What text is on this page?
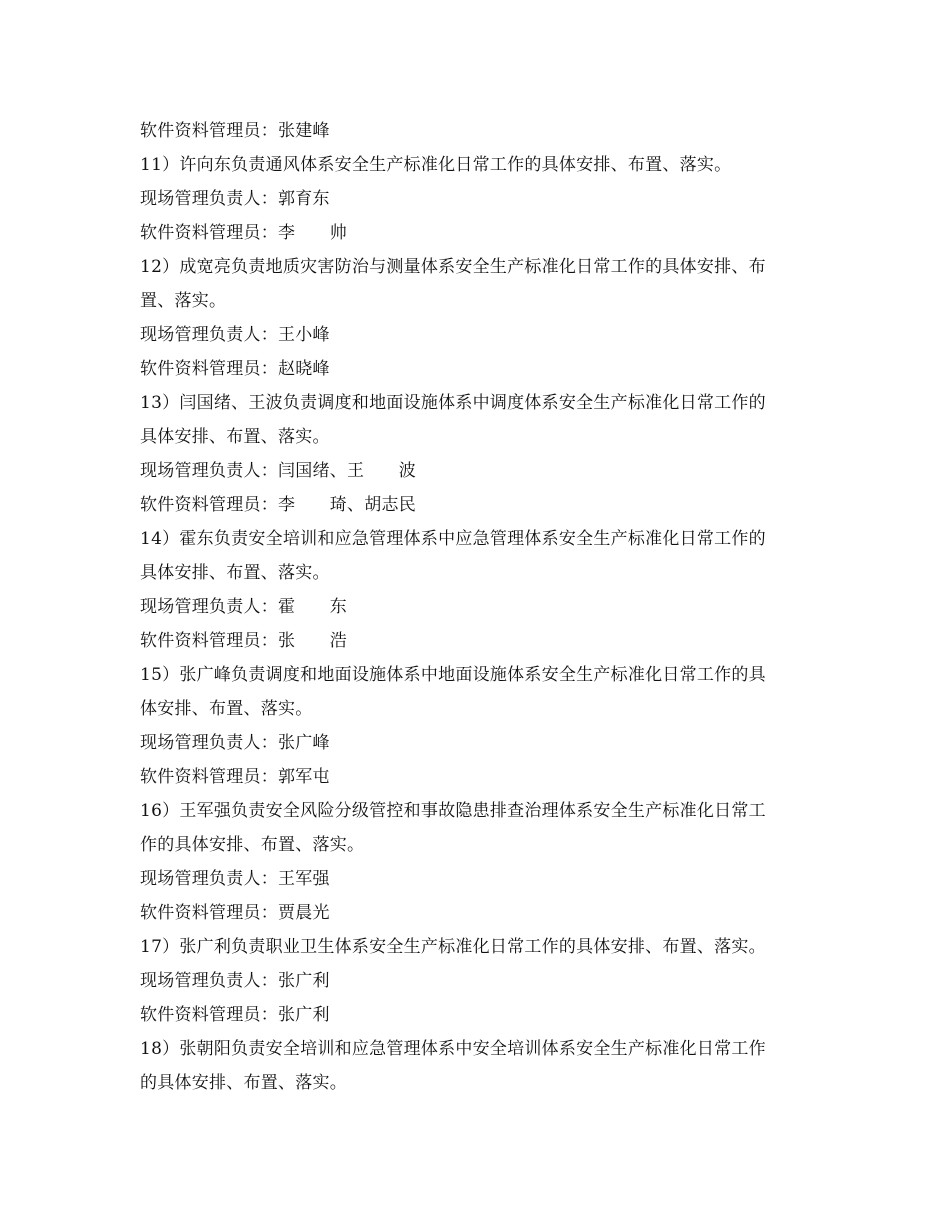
软件资料管理员：张建峰
11）许向东负责通风体系安全生产标准化日常工作的具体安排、布置、落实。
现场管理负责人：郭育东
软件资料管理员：李　　帅
12）成宽亮负责地质灾害防治与测量体系安全生产标准化日常工作的具体安排、布
置、落实。
现场管理负责人：王小峰
软件资料管理员：赵晓峰
13）闫国绪、王波负责调度和地面设施体系中调度体系安全生产标准化日常工作的
具体安排、布置、落实。
现场管理负责人：闫国绪、王　　波
软件资料管理员：李　　琦、胡志民
14）霍东负责安全培训和应急管理体系中应急管理体系安全生产标准化日常工作的
具体安排、布置、落实。
现场管理负责人：霍　　东
软件资料管理员：张　　浩
15）张广峰负责调度和地面设施体系中地面设施体系安全生产标准化日常工作的具
体安排、布置、落实。
现场管理负责人：张广峰
软件资料管理员：郭军屯
16）王军强负责安全风险分级管控和事故隐患排查治理体系安全生产标准化日常工
作的具体安排、布置、落实。
现场管理负责人：王军强
软件资料管理员：贾晨光
17）张广利负责职业卫生体系安全生产标准化日常工作的具体安排、布置、落实。
现场管理负责人：张广利
软件资料管理员：张广利
18）张朝阳负责安全培训和应急管理体系中安全培训体系安全生产标准化日常工作
的具体安排、布置、落实。
